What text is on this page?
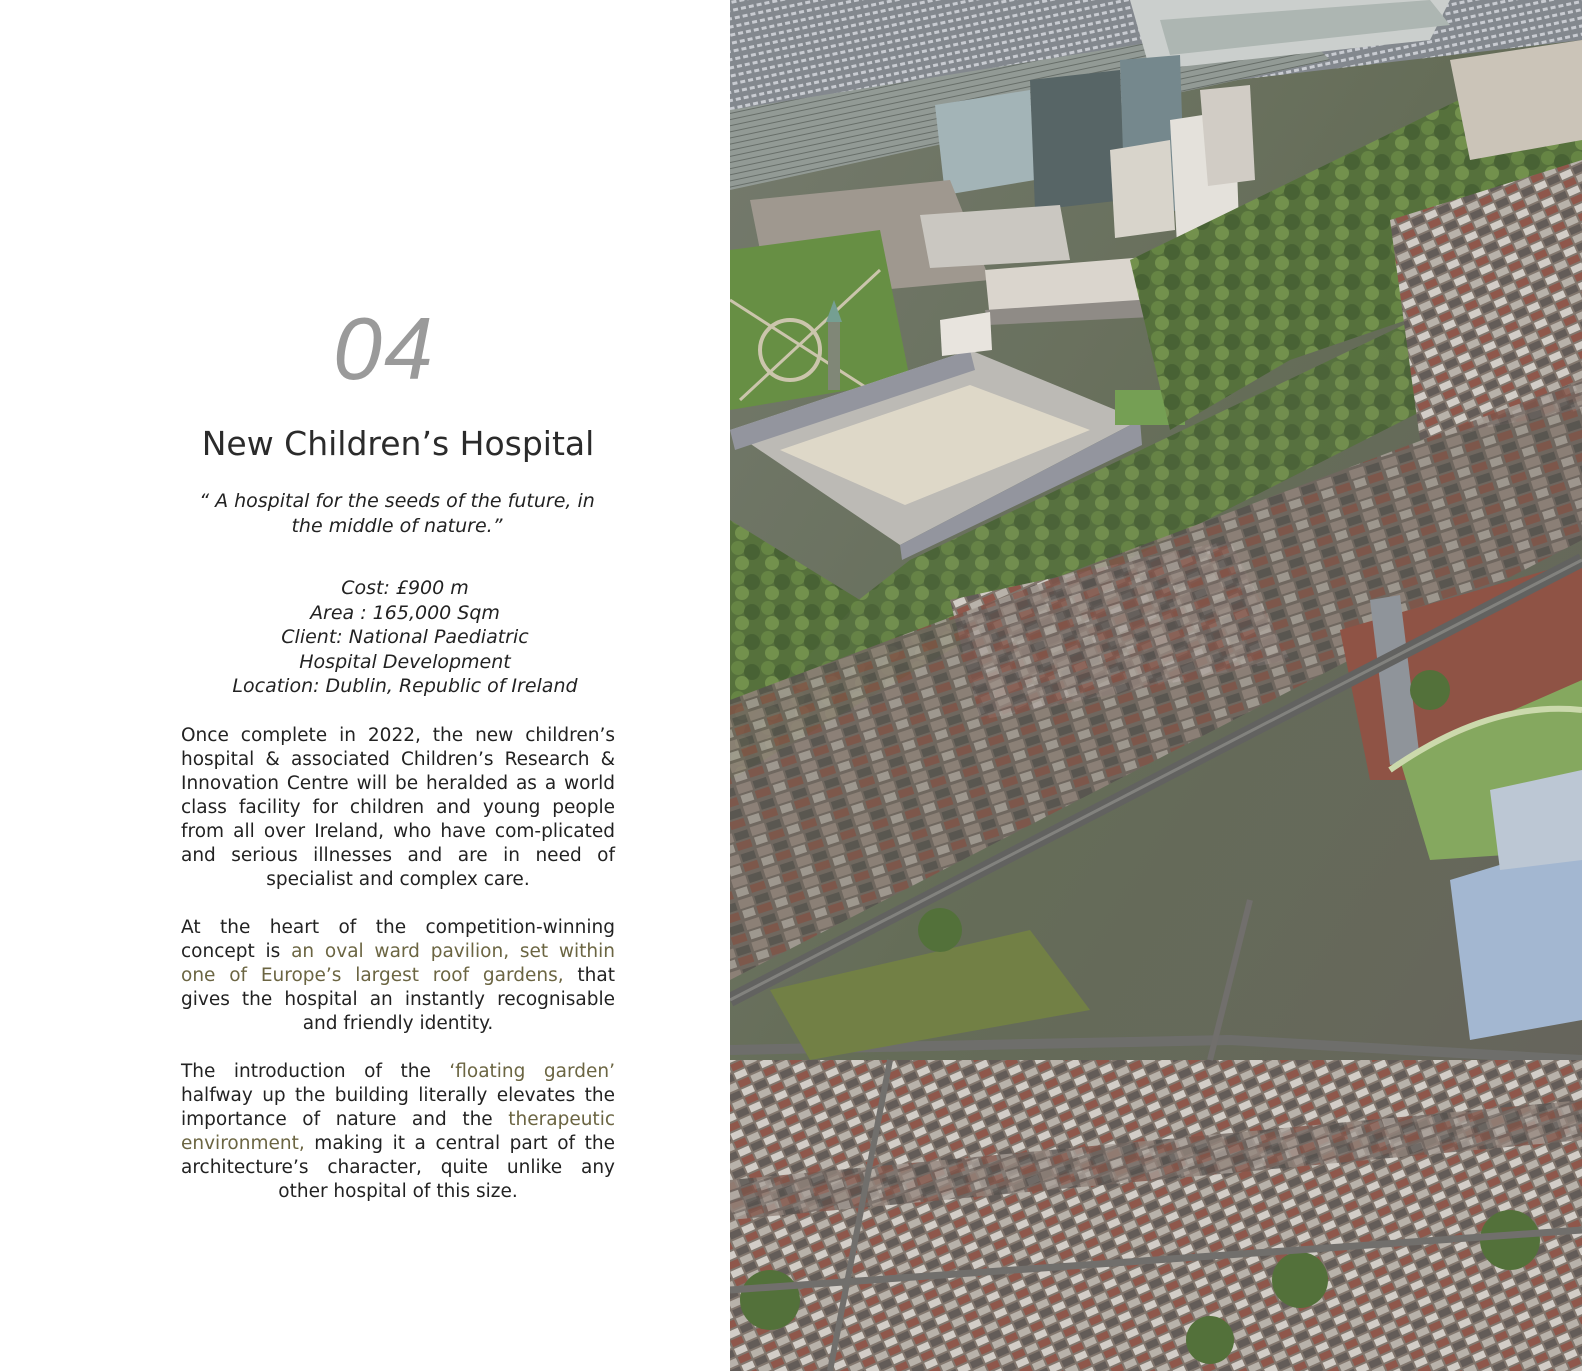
04
New Children’s Hospital
“ A hospital for the seeds of the future, in the middle of nature.”
Cost: £900 m
Area : 165,000 Sqm
Client: National Paediatric
Hospital Development
Location: Dublin, Republic of Ireland
Once complete in 2022, the new children’s hospital & associated Children’s Research & Innovation Centre will be heralded as a world class facility for children and young people from all over Ireland, who have com-plicated and serious illnesses and are in need of specialist and complex care.
At the heart of the competition-winning concept is an oval ward pavilion, set within one of Europe’s largest roof gardens, that gives the hospital an instantly recognisable and friendly identity.
The introduction of the ‘floating garden’ halfway up the building literally elevates the importance of nature and the therapeutic environment, making it a central part of the architecture’s character, quite unlike any other hospital of this size.
